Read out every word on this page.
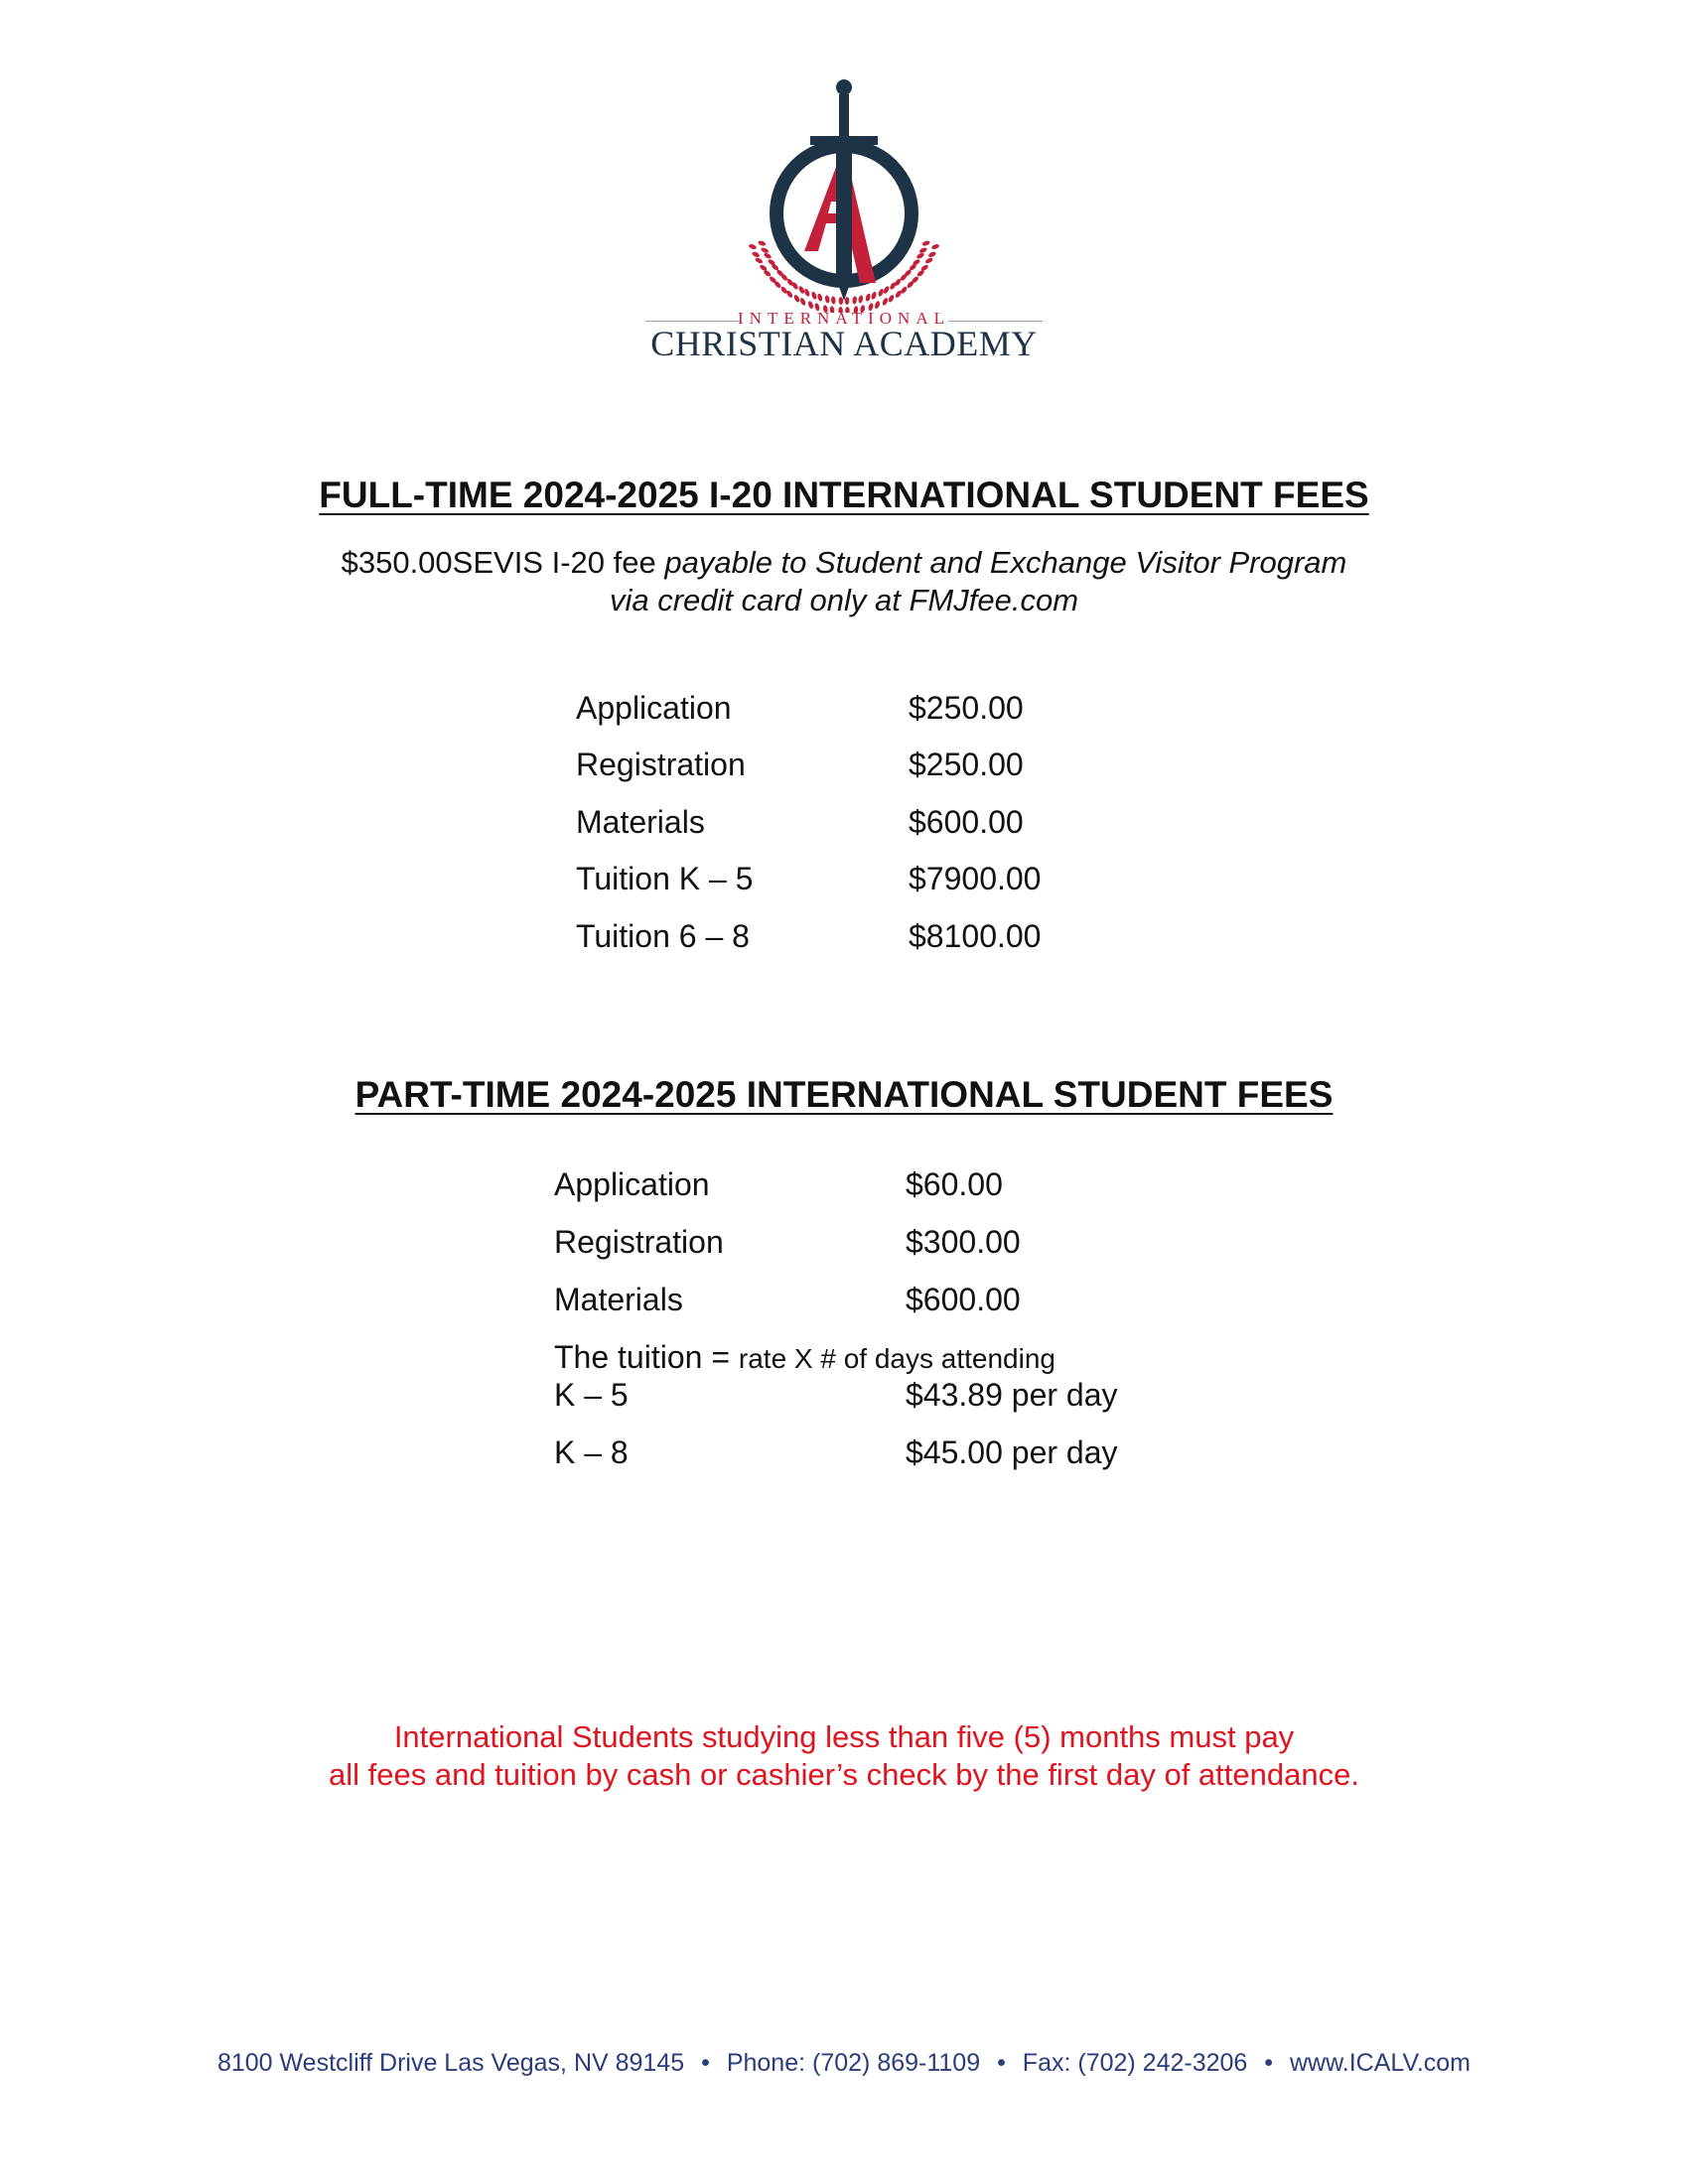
INTERNATIONAL
CHRISTIAN ACADEMY
FULL-TIME 2024-2025 I-20 INTERNATIONAL STUDENT FEES
$350.00SEVIS I-20 fee payable to Student and Exchange Visitor Program
via credit card only at FMJfee.com
Application	$250.00
Registration	$250.00
Materials	$600.00
Tuition K – 5	$7900.00
Tuition 6 – 8	$8100.00
PART-TIME 2024-2025 INTERNATIONAL STUDENT FEES
Application	$60.00
Registration	$300.00
Materials	$600.00
The tuition = rate X # of days attending
K – 5	$43.89 per day
K – 8	$45.00 per day
International Students studying less than five (5) months must pay
all fees and tuition by cash or cashier’s check by the first day of attendance.
8100 Westcliff Drive Las Vegas, NV 89145 • Phone: (702) 869-1109 • Fax: (702) 242-3206 • www.ICALV.com
